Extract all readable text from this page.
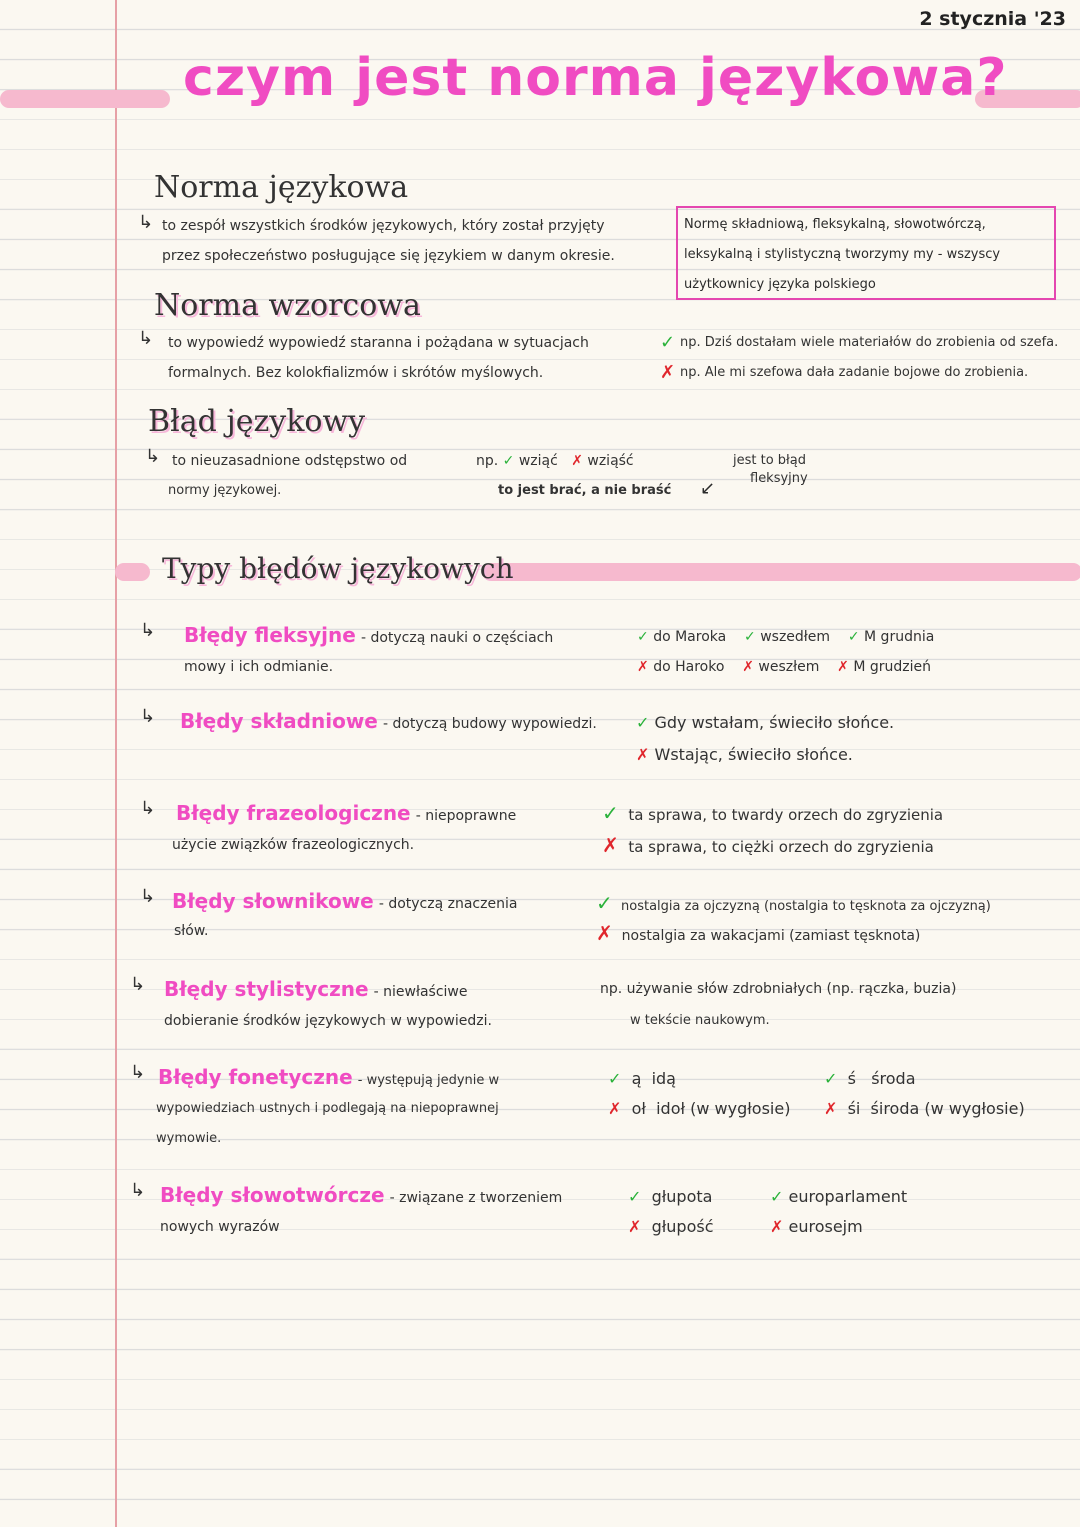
2 stycznia '23
czym jest norma językowa?
Norma językowa
↳ to zespół wszystkich środków językowych, który został przyjęty
przez społeczeństwo posługujące się językiem w danym okresie.
Normę składniową, fleksykalną, słowotwórczą,
leksykalną i stylistyczną tworzymy my - wszyscy
użytkownicy języka polskiego
Norma wzorcowa
↳ to wypowiedź wypowiedź staranna i pożądana w sytuacjach
formalnych. Bez kolokfializmów i skrótów myślowych.
✓ np. Dziś dostałam wiele materiałów do zrobienia od szefa.
✗ np. Ale mi szefowa dała zadanie bojowe do zrobienia.
Błąd językowy
↳ to nieuzasadnione odstępstwo od
normy językowej.
np. ✓ wziąć ✗ wziąść
to jest brać, a nie braść ↙
jest to błąd
fleksyjny
Typy błędów językowych
↳ Błędy fleksyjne - dotyczą nauki o częściach
mowy i ich odmianie.
✓ do Maroka ✓ wszedłem ✓ M grudnia
✗ do Haroko ✗ weszłem ✗ M grudzień
↳ Błędy składniowe - dotyczą budowy wypowiedzi. ✓ Gdy wstałam, świeciło słońce.
✗ Wstając, świeciło słońce.
↳ Błędy frazeologiczne - niepoprawne
użycie związków frazeologicznych.
✓ ta sprawa, to twardy orzech do zgryzienia
✗ ta sprawa, to ciężki orzech do zgryzienia
↳ Błędy słownikowe - dotyczą znaczenia
słów.
✓ nostalgia za ojczyzną (nostalgia to tęsknota za ojczyzną)
✗ nostalgia za wakacjami (zamiast tęsknota)
↳ Błędy stylistyczne - niewłaściwe
dobieranie środków językowych w wypowiedzi.
np. używanie słów zdrobniałych (np. rączka, buzia)
w tekście naukowym.
↳ Błędy fonetyczne - występują jedynie w
wypowiedziach ustnych i podlegają na niepoprawnej
wymowie.
✓ ą idą
✗ oł idoł (w wygłosie)
✓ ś środa
✗ śi śiroda (w wygłosie)
↳ Błędy słowotwórcze - związane z tworzeniem
nowych wyrazów
✓ głupota
✗ głupość
✓ europarlament
✗ eurosejm
